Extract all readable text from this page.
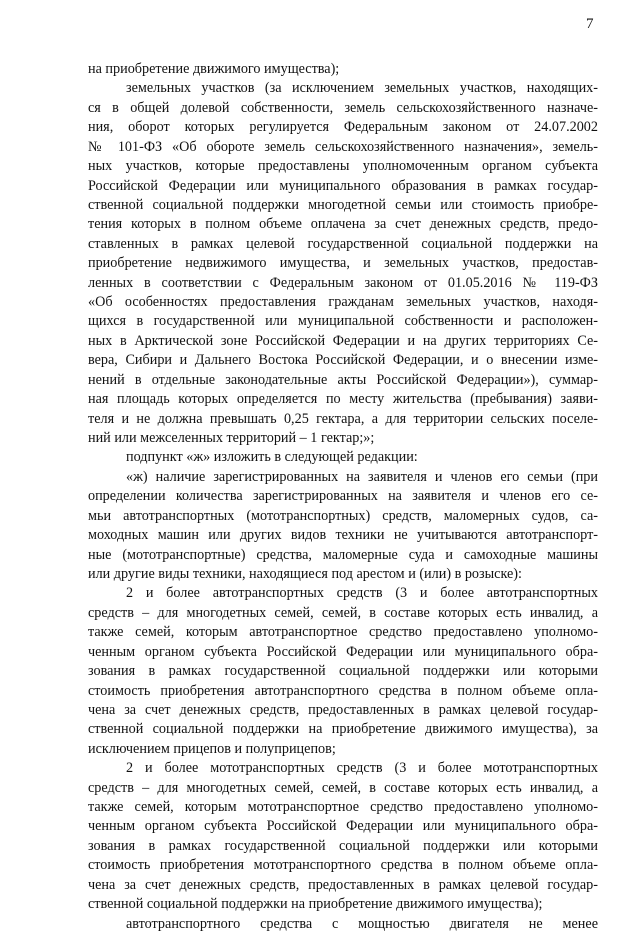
7
на приобретение движимого имущества);
земельных участков (за исключением земельных участков, находящих-
ся в общей долевой собственности, земель сельскохозяйственного назначе-
ния, оборот которых регулируется Федеральным законом от 24.07.2002
№ 101-ФЗ «Об обороте земель сельскохозяйственного назначения», земель-
ных участков, которые предоставлены уполномоченным органом субъекта
Российской Федерации или муниципального образования в рамках государ-
ственной социальной поддержки многодетной семьи или стоимость приобре-
тения которых в полном объеме оплачена за счет денежных средств, предо-
ставленных в рамках целевой государственной социальной поддержки на
приобретение недвижимого имущества, и земельных участков, предостав-
ленных в соответствии с Федеральным законом от 01.05.2016 № 119-ФЗ
«Об особенностях предоставления гражданам земельных участков, находя-
щихся в государственной или муниципальной собственности и расположен-
ных в Арктической зоне Российской Федерации и на других территориях Се-
вера, Сибири и Дальнего Востока Российской Федерации, и о внесении изме-
нений в отдельные законодательные акты Российской Федерации»), суммар-
ная площадь которых определяется по месту жительства (пребывания) заяви-
теля и не должна превышать 0,25 гектара, а для территории сельских поселе-
ний или межселенных территорий – 1 гектар;»;
подпункт «ж» изложить в следующей редакции:
«ж) наличие зарегистрированных на заявителя и членов его семьи (при
определении количества зарегистрированных на заявителя и членов его се-
мьи автотранспортных (мототранспортных) средств, маломерных судов, са-
моходных машин или других видов техники не учитываются автотранспорт-
ные (мототранспортные) средства, маломерные суда и самоходные машины
или другие виды техники, находящиеся под арестом и (или) в розыске):
2 и более автотранспортных средств (3 и более автотранспортных
средств – для многодетных семей, семей, в составе которых есть инвалид, а
также семей, которым автотранспортное средство предоставлено уполномо-
ченным органом субъекта Российской Федерации или муниципального обра-
зования в рамках государственной социальной поддержки или которыми
стоимость приобретения автотранспортного средства в полном объеме опла-
чена за счет денежных средств, предоставленных в рамках целевой государ-
ственной социальной поддержки на приобретение движимого имущества), за
исключением прицепов и полуприцепов;
2 и более мототранспортных средств (3 и более мототранспортных
средств – для многодетных семей, семей, в составе которых есть инвалид, а
также семей, которым мототранспортное средство предоставлено уполномо-
ченным органом субъекта Российской Федерации или муниципального обра-
зования в рамках государственной социальной поддержки или которыми
стоимость приобретения мототранспортного средства в полном объеме опла-
чена за счет денежных средств, предоставленных в рамках целевой государ-
ственной социальной поддержки на приобретение движимого имущества);
автотранспортного средства с мощностью двигателя не менее
